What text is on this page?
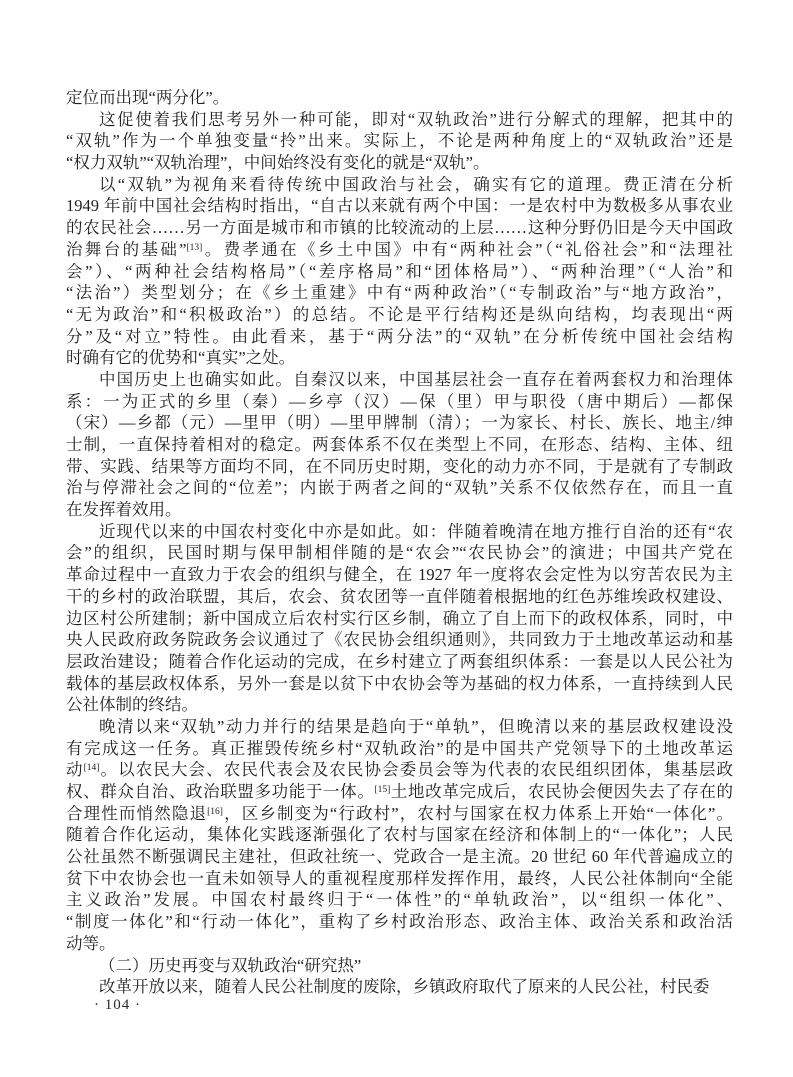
定位而出现“两分化”。
这促使着我们思考另外一种可能，即对“双轨政治”进行分解式的理解，把其中的
“双轨”作为一个单独变量“拎”出来。实际上，不论是两种角度上的“双轨政治”还是
“权力双轨”“双轨治理”，中间始终没有变化的就是“双轨”。
以“双轨”为视角来看待传统中国政治与社会，确实有它的道理。费正清在分析
1949 年前中国社会结构时指出，“自古以来就有两个中国：一是农村中为数极多从事农业
的农民社会……另一方面是城市和市镇的比较流动的上层……这种分野仍旧是今天中国政
治舞台的基础”[13]。费孝通在《乡土中国》中有“两种社会”（“礼俗社会”和“法理社
会”）、“两种社会结构格局”（“差序格局”和“团体格局”）、“两种治理”（“人治”和
“法治”）类型划分；在《乡土重建》中有“两种政治”（“专制政治”与“地方政治”，
“无为政治”和“积极政治”）的总结。不论是平行结构还是纵向结构，均表现出“两
分”及“对立”特性。由此看来，基于“两分法”的“双轨”在分析传统中国社会结构
时确有它的优势和“真实”之处。
中国历史上也确实如此。自秦汉以来，中国基层社会一直存在着两套权力和治理体
系：一为正式的乡里（秦）—乡亭（汉）—保（里）甲与职役（唐中期后）—都保
（宋）—乡都（元）—里甲（明）—里甲牌制（清）；一为家长、村长、族长、地主/绅
士制，一直保持着相对的稳定。两套体系不仅在类型上不同，在形态、结构、主体、纽
带、实践、结果等方面均不同，在不同历史时期，变化的动力亦不同，于是就有了专制政
治与停滞社会之间的“位差”；内嵌于两者之间的“双轨”关系不仅依然存在，而且一直
在发挥着效用。
近现代以来的中国农村变化中亦是如此。如：伴随着晚清在地方推行自治的还有“农
会”的组织，民国时期与保甲制相伴随的是“农会”“农民协会”的演进；中国共产党在
革命过程中一直致力于农会的组织与健全，在 1927 年一度将农会定性为以穷苦农民为主
干的乡村的政治联盟，其后，农会、贫农团等一直伴随着根据地的红色苏维埃政权建设、
边区村公所建制；新中国成立后农村实行区乡制，确立了自上而下的政权体系，同时，中
央人民政府政务院政务会议通过了《农民协会组织通则》，共同致力于土地改革运动和基
层政治建设；随着合作化运动的完成，在乡村建立了两套组织体系：一套是以人民公社为
载体的基层政权体系，另外一套是以贫下中农协会等为基础的权力体系，一直持续到人民
公社体制的终结。
晚清以来“双轨”动力并行的结果是趋向于“单轨”，但晚清以来的基层政权建设没
有完成这一任务。真正摧毁传统乡村“双轨政治”的是中国共产党领导下的土地改革运
动[14]。以农民大会、农民代表会及农民协会委员会等为代表的农民组织团体，集基层政
权、群众自治、政治联盟多功能于一体。[15]土地改革完成后，农民协会便因失去了存在的
合理性而悄然隐退[16]，区乡制变为“行政村”，农村与国家在权力体系上开始“一体化”。
随着合作化运动，集体化实践逐渐强化了农村与国家在经济和体制上的“一体化”；人民
公社虽然不断强调民主建社，但政社统一、党政合一是主流。20 世纪 60 年代普遍成立的
贫下中农协会也一直未如领导人的重视程度那样发挥作用，最终，人民公社体制向“全能
主义政治”发展。中国农村最终归于“一体性”的“单轨政治”，以“组织一体化”、
“制度一体化”和“行动一体化”，重构了乡村政治形态、政治主体、政治关系和政治活
动等。
（二）历史再变与双轨政治“研究热”
改革开放以来，随着人民公社制度的废除，乡镇政府取代了原来的人民公社，村民委
· 104 ·
